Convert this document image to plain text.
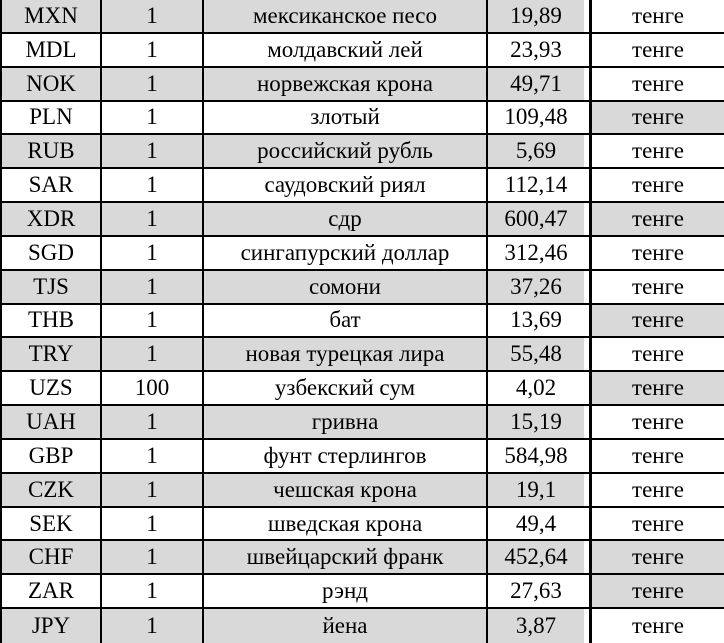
MXN	1	мексиканское песо	19,89	тенге
MDL	1	молдавский лей	23,93	тенге
NOK	1	норвежская крона	49,71	тенге
PLN	1	злотый	109,48	тенге
RUB	1	российский рубль	5,69	тенге
SAR	1	саудовский риял	112,14	тенге
XDR	1	сдр	600,47	тенге
SGD	1	сингапурский доллар	312,46	тенге
TJS	1	сомони	37,26	тенге
THB	1	бат	13,69	тенге
TRY	1	новая турецкая лира	55,48	тенге
UZS	100	узбекский сум	4,02	тенге
UAH	1	гривна	15,19	тенге
GBP	1	фунт стерлингов	584,98	тенге
CZK	1	чешская крона	19,1	тенге
SEK	1	шведская крона	49,4	тенге
CHF	1	швейцарский франк	452,64	тенге
ZAR	1	рэнд	27,63	тенге
JPY	1	йена	3,87	тенге
